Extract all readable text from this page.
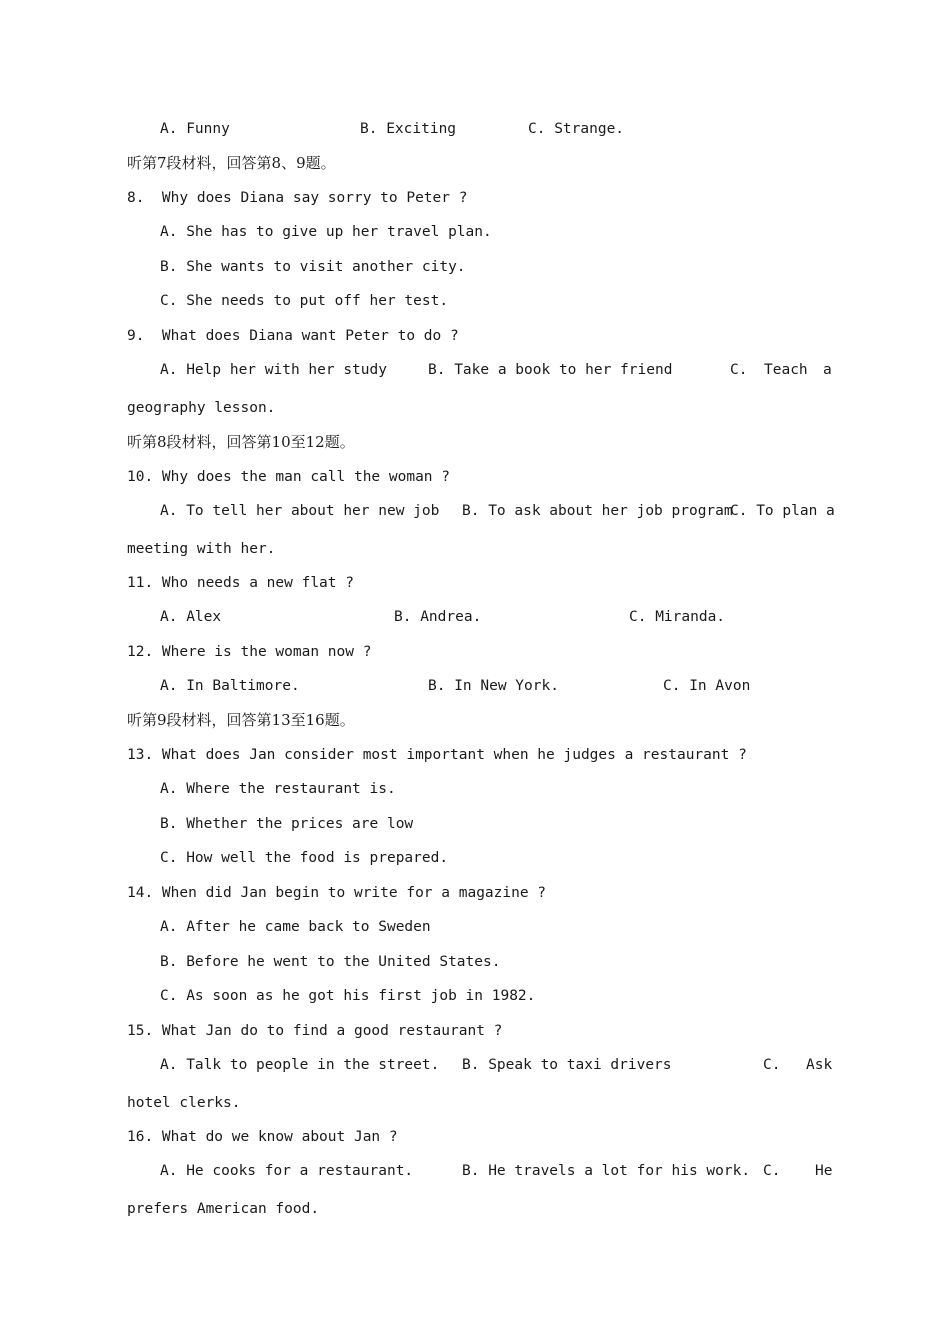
A. Funny	B. Exciting	C. Strange.
听第7段材料，回答第8、9题。
8.  Why does Diana say sorry to Peter ?
A. She has to give up her travel plan.
B. She wants to visit another city.
C. She needs to put off her test.
9.  What does Diana want Peter to do ?
A. Help her with her study	B. Take a book to her friend	C. Teach a
geography lesson.
听第8段材料，回答第10至12题。
10. Why does the man call the woman ?
A. To tell her about her new job B. To ask about her job program
C. To plan a
meeting with her.
11. Who needs a new flat ?
A. Alex	B. Andrea.	C. Miranda.
12. Where is the woman now ?
A. In Baltimore.	B. In New York.	C. In Avon
听第9段材料，回答第13至16题。
13. What does Jan consider most important when he judges a restaurant ?
A. Where the restaurant is.
B. Whether the prices are low
C. How well the food is prepared.
14. When did Jan begin to write for a magazine ?
A. After he came back to Sweden
B. Before he went to the United States.
C. As soon as he got his first job in 1982.
15. What Jan do to find a good restaurant ?
A. Talk to people in the street. B. Speak to taxi drivers	C. Ask
hotel clerks.
16. What do we know about Jan ?
A. He cooks for a restaurant.	B. He travels a lot for his work. C. He
prefers American food.
